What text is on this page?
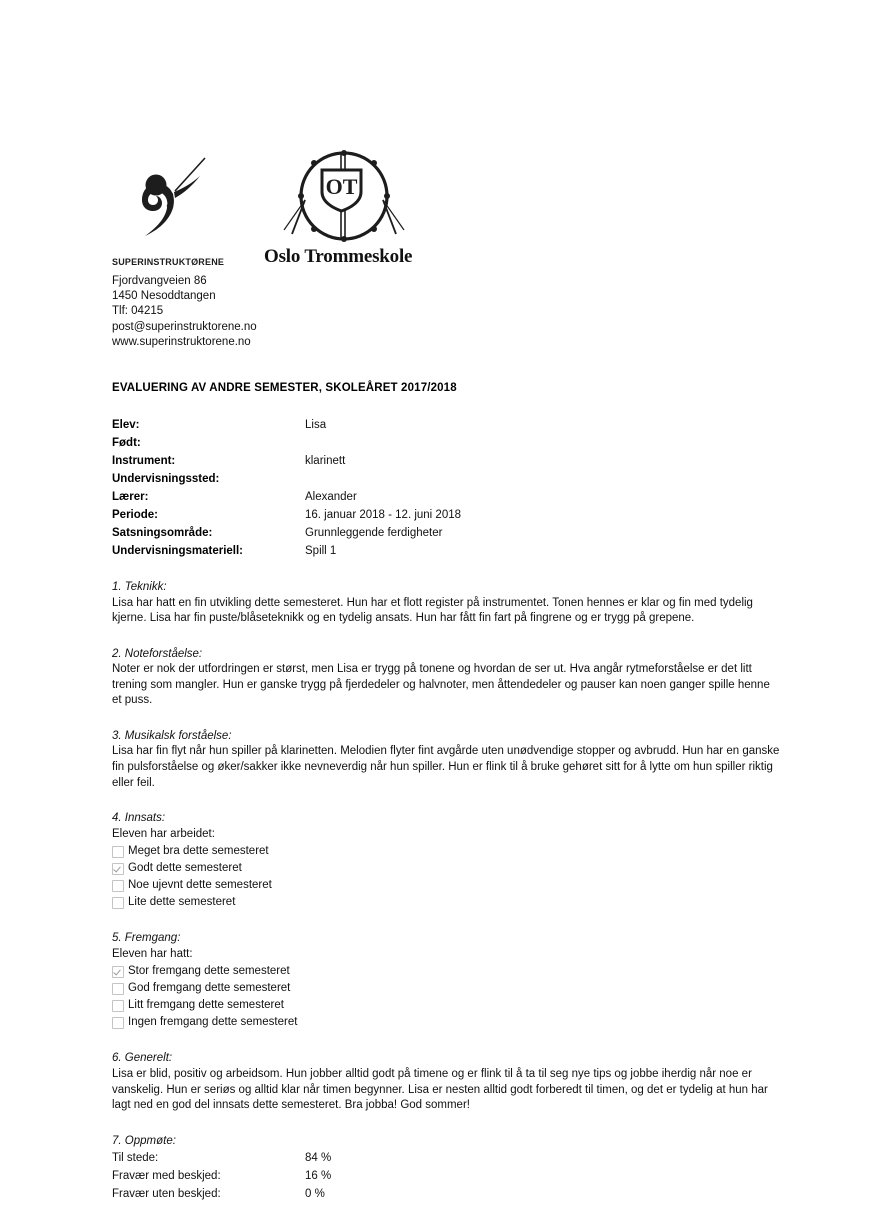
superinstruktørene
OT
Oslo Trommeskole
Fjordvangveien 86
1450 Nesoddtangen
Tlf: 04215
post@superinstruktorene.no
www.superinstruktorene.no
EVALUERING AV ANDRE SEMESTER, SKOLEÅRET 2017/2018
Elev:	Lisa
Født:
Instrument:	klarinett
Undervisningssted:
Lærer:	Alexander
Periode:	16. januar 2018 - 12. juni 2018
Satsningsområde:	Grunnleggende ferdigheter
Undervisningsmateriell:	Spill 1
1. Teknikk:
Lisa har hatt en fin utvikling dette semesteret. Hun har et flott register på instrumentet. Tonen hennes er klar og fin med tydelig kjerne. Lisa har fin puste/blåseteknikk og en tydelig ansats. Hun har fått fin fart på fingrene og er trygg på grepene.
2. Noteforståelse:
Noter er nok der utfordringen er størst, men Lisa er trygg på tonene og hvordan de ser ut. Hva angår rytmeforståelse er det litt trening som mangler. Hun er ganske trygg på fjerdedeler og halvnoter, men åttendedeler og pauser kan noen ganger spille henne et puss.
3. Musikalsk forståelse:
Lisa har fin flyt når hun spiller på klarinetten. Melodien flyter fint avgårde uten unødvendige stopper og avbrudd. Hun har en ganske fin pulsforståelse og øker/sakker ikke nevneverdig når hun spiller. Hun er flink til å bruke gehøret sitt for å lytte om hun spiller riktig eller feil.
4. Innsats:
Eleven har arbeidet:
Meget bra dette semesteret
Godt dette semesteret
Noe ujevnt dette semesteret
Lite dette semesteret
5. Fremgang:
Eleven har hatt:
Stor fremgang dette semesteret
God fremgang dette semesteret
Litt fremgang dette semesteret
Ingen fremgang dette semesteret
6. Generelt:
Lisa er blid, positiv og arbeidsom. Hun jobber alltid godt på timene og er flink til å ta til seg nye tips og jobbe iherdig når noe er vanskelig. Hun er seriøs og alltid klar når timen begynner. Lisa er nesten alltid godt forberedt til timen, og det er tydelig at hun har lagt ned en god del innsats dette semesteret. Bra jobba! God sommer!
7. Oppmøte:
Til stede:	84 %
Fravær med beskjed:	16 %
Fravær uten beskjed:	0 %
